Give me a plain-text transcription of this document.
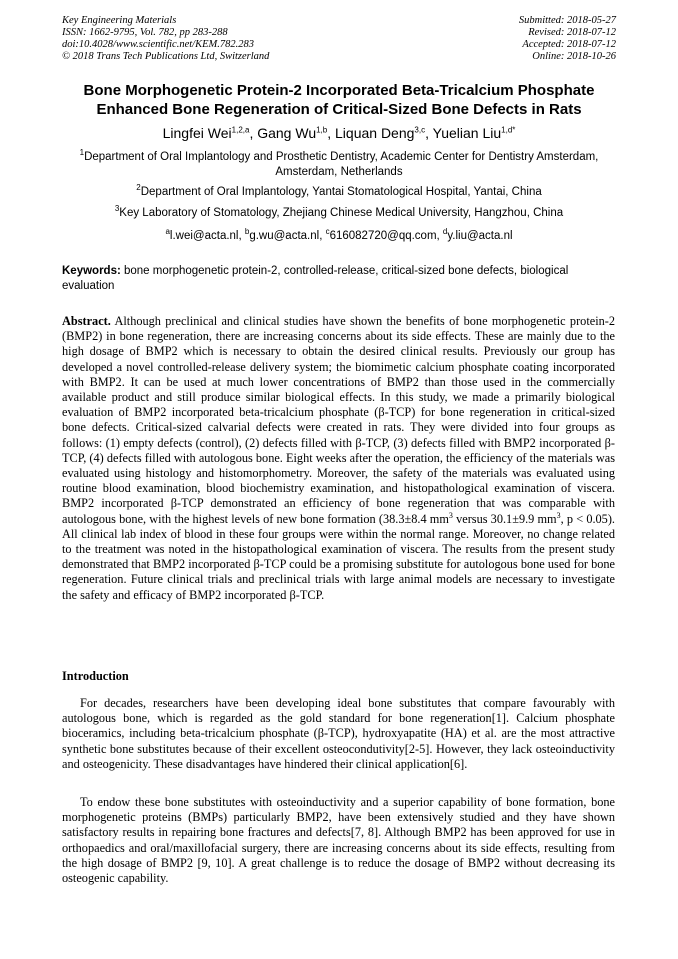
Key Engineering Materials
ISSN: 1662-9795, Vol. 782, pp 283-288
doi:10.4028/www.scientific.net/KEM.782.283
© 2018 Trans Tech Publications Ltd, Switzerland
Submitted: 2018-05-27
Revised: 2018-07-12
Accepted: 2018-07-12
Online: 2018-10-26
Bone Morphogenetic Protein-2 Incorporated Beta-Tricalcium Phosphate
Enhanced Bone Regeneration of Critical-Sized Bone Defects in Rats
Lingfei Wei$^{1,2,a}$, Gang Wu$^{1,b}$, Liquan Deng$^{3,c}$, Yuelian Liu$^{1,d*}$
$^1$Department of Oral Implantology and Prosthetic Dentistry, Academic Center for Dentistry Amsterdam, Amsterdam, Netherlands
$^2$Department of Oral Implantology, Yantai Stomatological Hospital, Yantai, China
$^3$Key Laboratory of Stomatology, Zhejiang Chinese Medical University, Hangzhou, China
$^a$l.wei@acta.nl, $^b$g.wu@acta.nl, $^c$616082720@qq.com, $^d$y.liu@acta.nl
Keywords: bone morphogenetic protein-2, controlled-release, critical-sized bone defects, biological evaluation
Abstract. Although preclinical and clinical studies have shown the benefits of bone morphogenetic protein-2 (BMP2) in bone regeneration, there are increasing concerns about its side effects. These are mainly due to the high dosage of BMP2 which is necessary to obtain the desired clinical results. Previously our group has developed a novel controlled-release delivery system; the biomimetic calcium phosphate coating incorporated with BMP2. It can be used at much lower concentrations of BMP2 than those used in the commercially available product and still produce similar biological effects. In this study, we made a primarily biological evaluation of BMP2 incorporated beta-tricalcium phosphate (β-TCP) for bone regeneration in critical-sized bone defects. Critical-sized calvarial defects were created in rats. They were divided into four groups as follows: (1) empty defects (control), (2) defects filled with β-TCP, (3) defects filled with BMP2 incorporated β-TCP, (4) defects filled with autologous bone. Eight weeks after the operation, the efficiency of the materials was evaluated using histology and histomorphometry. Moreover, the safety of the materials was evaluated using routine blood examination, blood biochemistry examination, and histopathological examination of viscera. BMP2 incorporated β-TCP demonstrated an efficiency of bone regeneration that was comparable with autologous bone, with the highest levels of new bone formation (38.3±8.4 $mm^3$ versus 30.1±9.9 $mm^3$, p < 0.05). All clinical lab index of blood in these four groups were within the normal range. Moreover, no change related to the treatment was noted in the histopathological examination of viscera. The results from the present study demonstrated that BMP2 incorporated β-TCP could be a promising substitute for autologous bone used for bone regeneration. Future clinical trials and preclinical trials with large animal models are necessary to investigate the safety and efficacy of BMP2 incorporated β-TCP.
Introduction
For decades, researchers have been developing ideal bone substitutes that compare favourably with autologous bone, which is regarded as the gold standard for bone regeneration[1]. Calcium phosphate bioceramics, including beta-tricalcium phosphate (β-TCP), hydroxyapatite (HA) et al. are the most attractive synthetic bone substitutes because of their excellent osteocondutivity[2-5]. However, they lack osteoinductivity and osteogenicity. These disadvantages have hindered their clinical application[6].
To endow these bone substitutes with osteoinductivity and a superior capability of bone formation, bone morphogenetic proteins (BMPs) particularly BMP2, have been extensively studied and they have shown satisfactory results in repairing bone fractures and defects[7, 8]. Although BMP2 has been approved for use in orthopaedics and oral/maxillofacial surgery, there are increasing concerns about its side effects, resulting from the high dosage of BMP2 [9, 10]. A great challenge is to reduce the dosage of BMP2 without decreasing its osteogenic capability.
